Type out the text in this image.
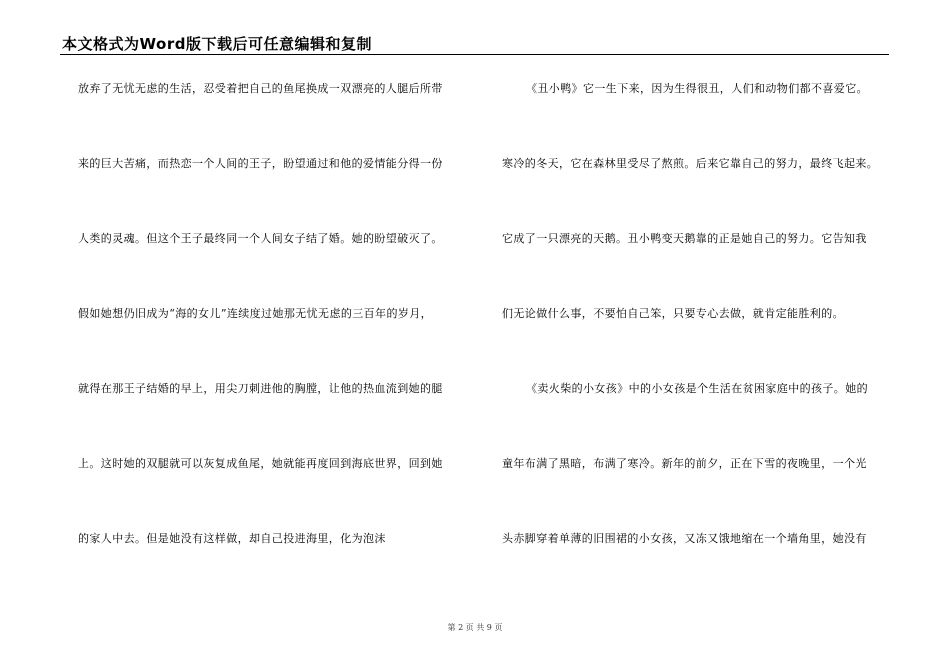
本文格式为Word版下载后可任意编辑和复制
放弃了无忧无虑的生活，忍受着把自己的鱼尾换成一双漂亮的人腿后所带
来的巨大苦痛，而热恋一个人间的王子，盼望通过和他的爱情能分得一份
人类的灵魂。但这个王子最终同一个人间女子结了婚。她的盼望破灭了。
假如她想仍旧成为“海的女儿”连续度过她那无忧无虑的三百年的岁月，
就得在那王子结婚的早上，用尖刀刺进他的胸膛，让他的热血流到她的腿
上。这时她的双腿就可以灰复成鱼尾，她就能再度回到海底世界，回到她
的家人中去。但是她没有这样做，却自己投进海里，化为泡沫
《丑小鸭》它一生下来，因为生得很丑，人们和动物们都不喜爱它。
寒冷的冬天，它在森林里受尽了熬煎。后来它靠自己的努力，最终飞起来。
它成了一只漂亮的天鹅。丑小鸭变天鹅靠的正是她自己的努力。它告知我
们无论做什么事，不要怕自己笨，只要专心去做，就肯定能胜利的。
《卖火柴的小女孩》中的小女孩是个生活在贫困家庭中的孩子。她的
童年布满了黑暗，布满了寒冷。新年的前夕，正在下雪的夜晚里，一个光
头赤脚穿着单薄的旧围裙的小女孩，又冻又饿地缩在一个墙角里，她没有
第 2 页 共 9 页
